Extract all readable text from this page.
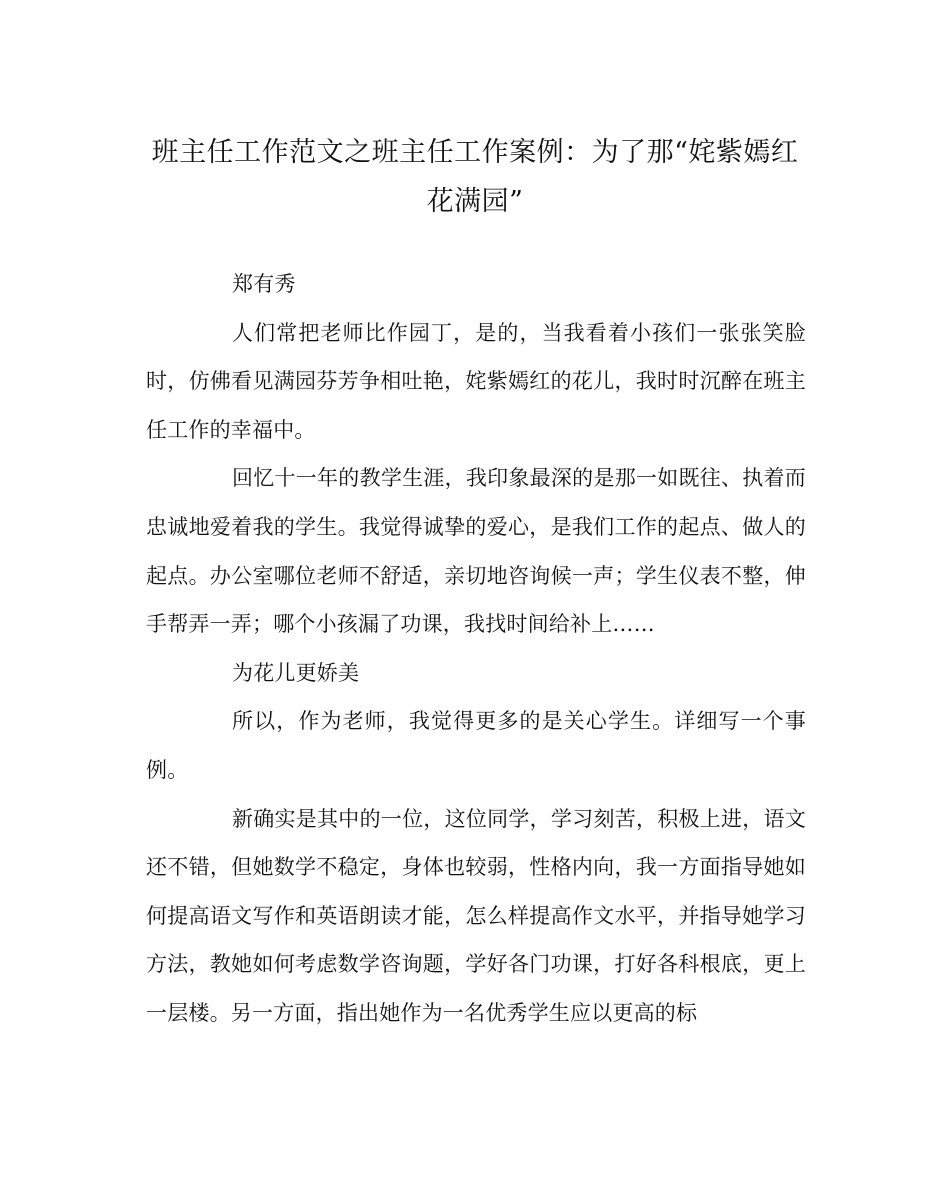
班主任工作范文之班主任工作案例：为了那“姹紫嫣红花满园”

郑有秀

人们常把老师比作园丁，是的，当我看着小孩们一张张笑脸时，仿佛看见满园芬芳争相吐艳，姹紫嫣红的花儿，我时时沉醉在班主任工作的幸福中。

回忆十一年的教学生涯，我印象最深的是那一如既往、执着而忠诚地爱着我的学生。我觉得诚挚的爱心，是我们工作的起点、做人的起点。办公室哪位老师不舒适，亲切地咨询候一声；学生仪表不整，伸手帮弄一弄；哪个小孩漏了功课，我找时间给补上……

为花儿更娇美

所以，作为老师，我觉得更多的是关心学生。详细写一个事例。

新确实是其中的一位，这位同学，学习刻苦，积极上进，语文还不错，但她数学不稳定，身体也较弱，性格内向，我一方面指导她如何提高语文写作和英语朗读才能，怎么样提高作文水平，并指导她学习方法，教她如何考虑数学咨询题，学好各门功课，打好各科根底，更上一层楼。另一方面，指出她作为一名优秀学生应以更高的标
